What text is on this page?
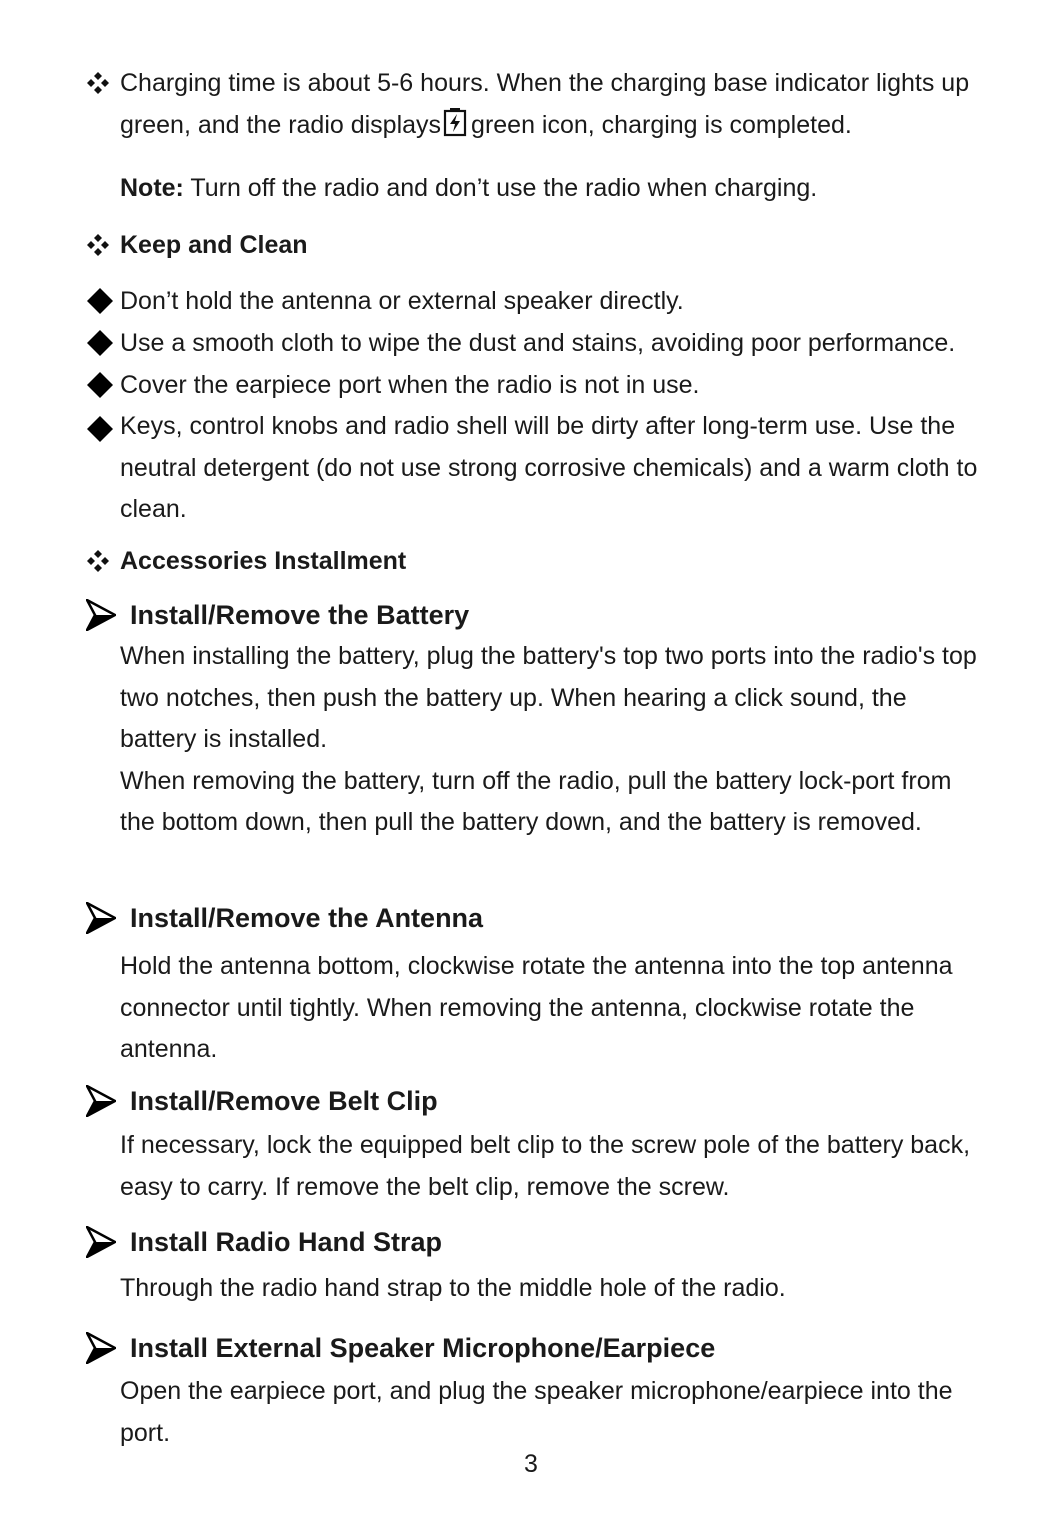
Charging time is about 5-6 hours. When the charging base indicator lights up green, and the radio displays green icon, charging is completed.
Note: Turn off the radio and don’t use the radio when charging.
Keep and Clean
Don’t hold the antenna or external speaker directly.
Use a smooth cloth to wipe the dust and stains, avoiding poor performance.
Cover the earpiece port when the radio is not in use.
Keys, control knobs and radio shell will be dirty after long-term use. Use the neutral detergent (do not use strong corrosive chemicals) and a warm cloth to clean.
Accessories Installment
Install/Remove the Battery
When installing the battery, plug the battery's top two ports into the radio's top two notches, then push the battery up. When hearing a click sound, the battery is installed.
When removing the battery, turn off the radio, pull the battery lock-port from the bottom down, then pull the battery down, and the battery is removed.
Install/Remove the Antenna
Hold the antenna bottom, clockwise rotate the antenna into the top antenna connector until tightly. When removing the antenna, clockwise rotate the antenna.
Install/Remove Belt Clip
If necessary, lock the equipped belt clip to the screw pole of the battery back, easy to carry. If remove the belt clip, remove the screw.
Install Radio Hand Strap
Through the radio hand strap to the middle hole of the radio.
Install External Speaker Microphone/Earpiece
Open the earpiece port, and plug the speaker microphone/earpiece into the port.
3
